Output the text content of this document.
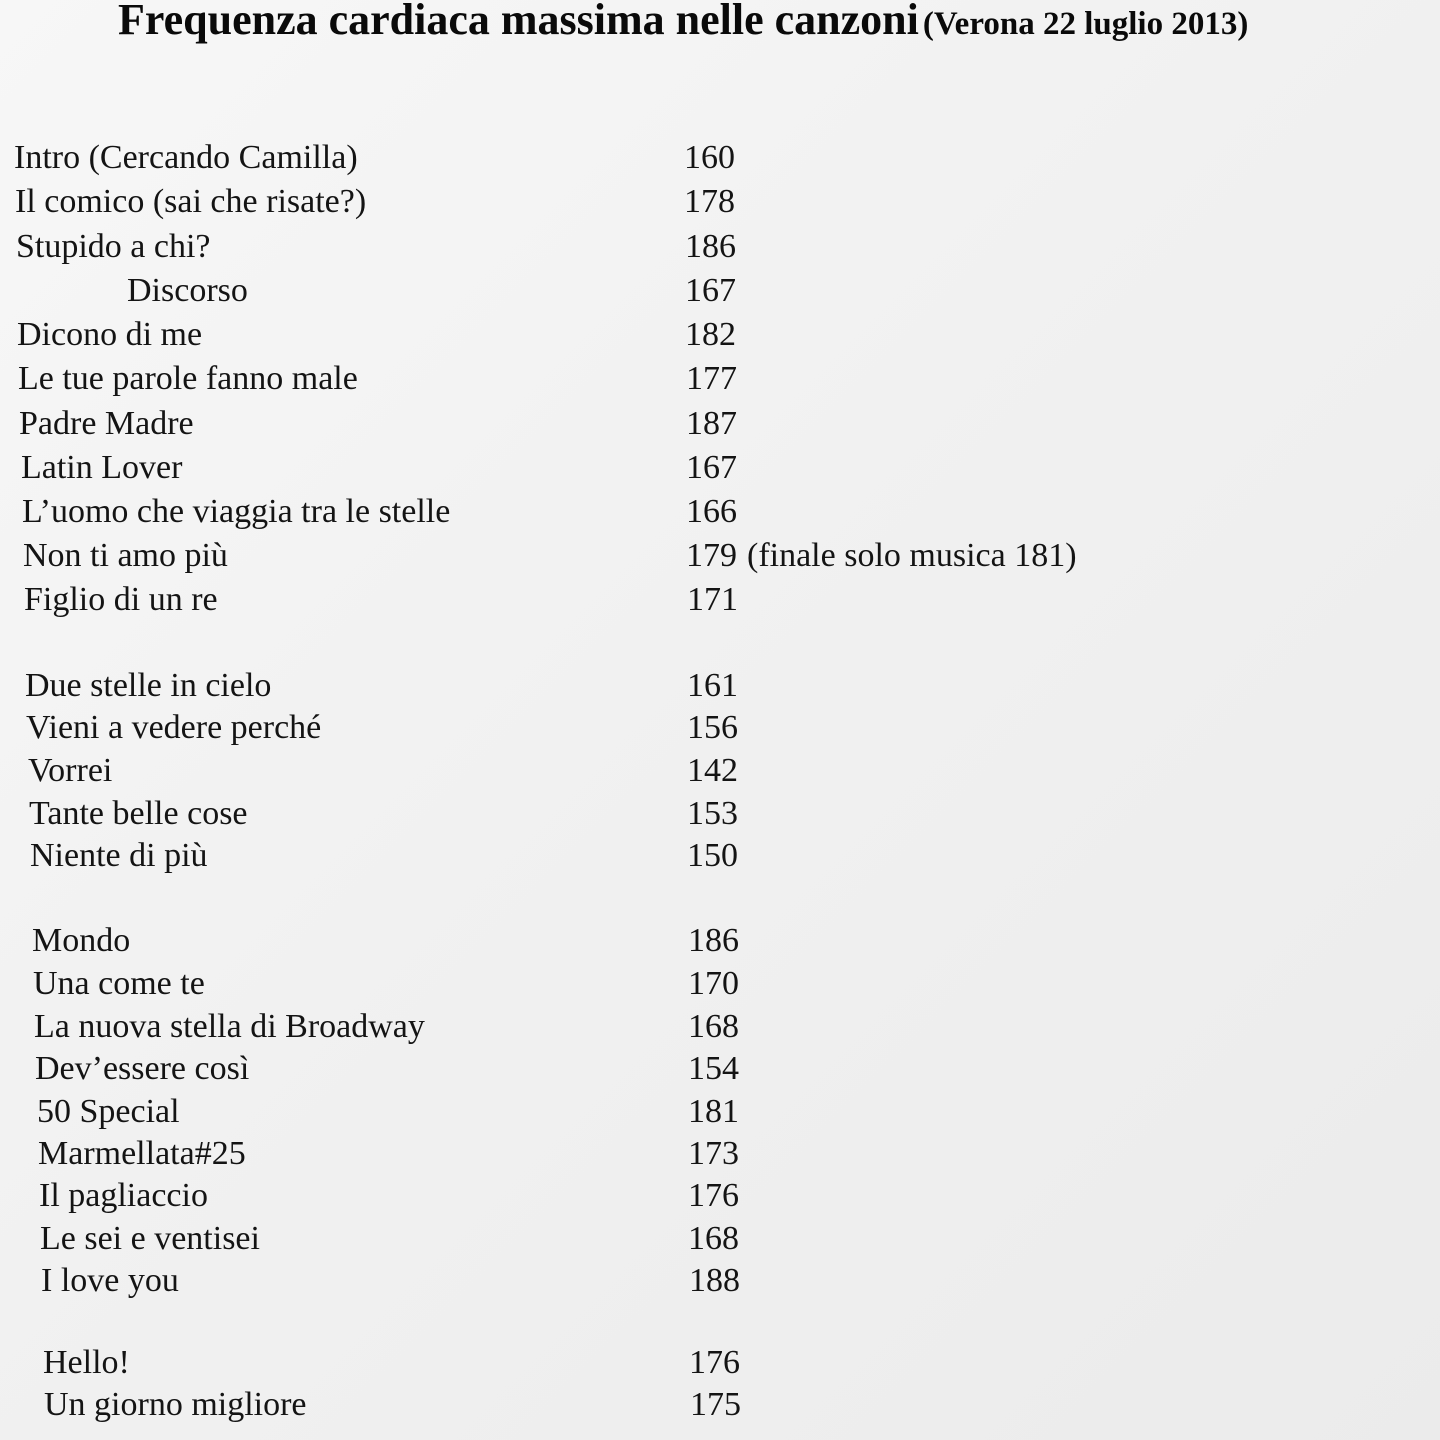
Frequenza cardiaca massima nelle canzoni (Verona 22 luglio 2013)
Intro (Cercando Camilla)	160
Il comico (sai che risate?)	178
Stupido a chi?	186
Discorso	167
Dicono di me	182
Le tue parole fanno male	177
Padre Madre	187
Latin Lover	167
L’uomo che viaggia tra le stelle	166
Non ti amo più	179 (finale solo musica 181)
Figlio di un re	171
Due stelle in cielo	161
Vieni a vedere perché	156
Vorrei	142
Tante belle cose	153
Niente di più	150
Mondo	186
Una come te	170
La nuova stella di Broadway	168
Dev’essere così	154
50 Special	181
Marmellata#25	173
Il pagliaccio	176
Le sei e ventisei	168
I love you	188
Hello!	176
Un giorno migliore	175
